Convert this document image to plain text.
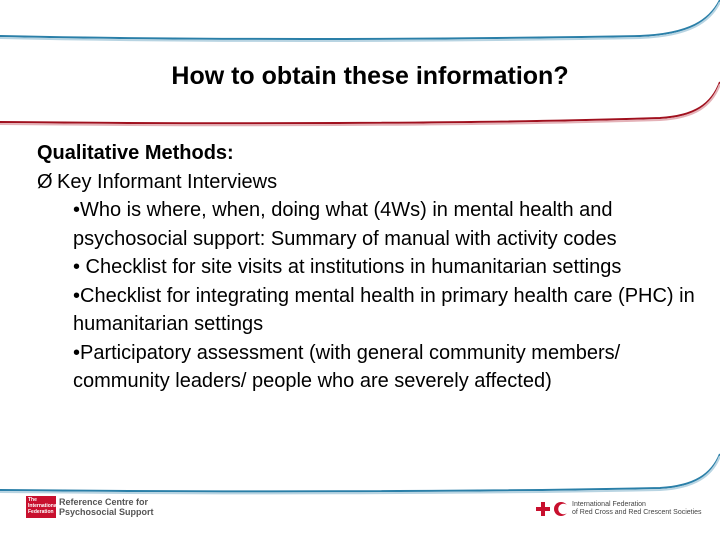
How to obtain these information?
Qualitative Methods:
Ø Key Informant Interviews
•Who is where, when, doing what (4Ws) in mental health and psychosocial support: Summary of manual with activity codes
• Checklist for site visits at institutions in humanitarian settings
•Checklist for integrating mental health in primary health care (PHC) in humanitarian settings
•Participatory assessment (with general community members/ community leaders/ people who are severely affected)
The International Federation
Reference Centre for
Psychosocial Support
International Federation
of Red Cross and Red Crescent Societies
